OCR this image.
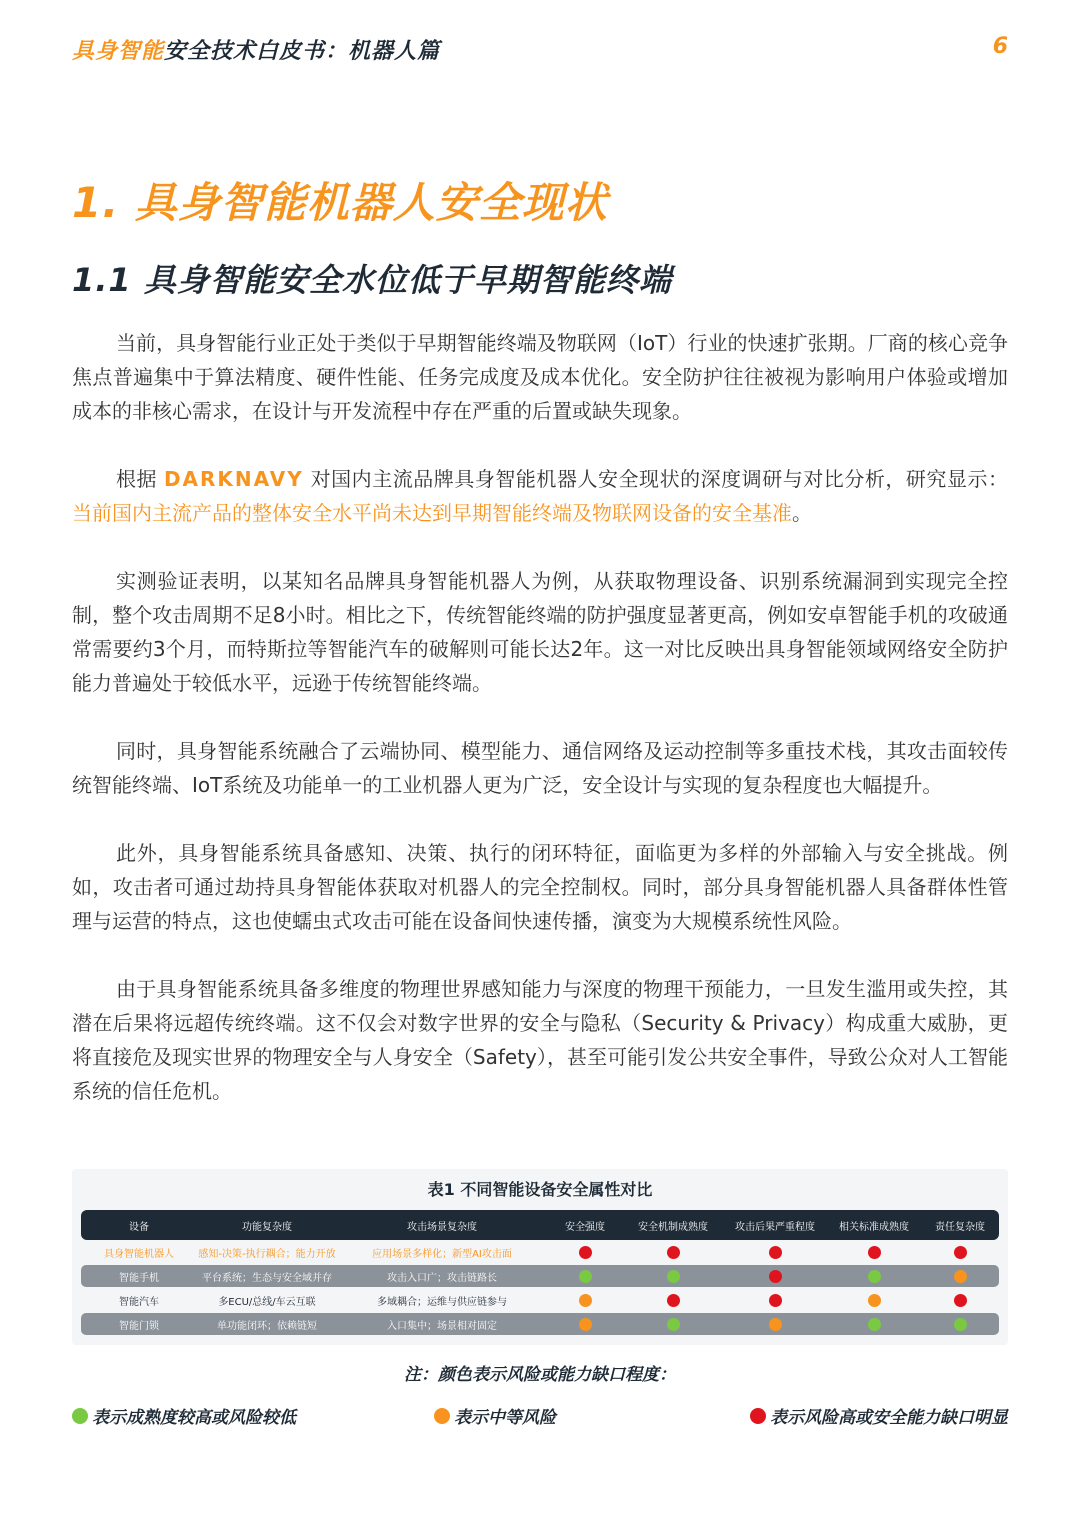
具身智能安全技术白皮书：机器人篇	6
1. 具身智能机器人安全现状
1.1 具身智能安全水位低于早期智能终端

当前，具身智能行业正处于类似于早期智能终端及物联网（IoT）行业的快速扩张期。厂商的核心竞争焦点普遍集中于算法精度、硬件性能、任务完成度及成本优化。安全防护往往被视为影响用户体验或增加成本的非核心需求，在设计与开发流程中存在严重的后置或缺失现象。

根据 DARKNAVY 对国内主流品牌具身智能机器人安全现状的深度调研与对比分析，研究显示：当前国内主流产品的整体安全水平尚未达到早期智能终端及物联网设备的安全基准。

实测验证表明，以某知名品牌具身智能机器人为例，从获取物理设备、识别系统漏洞到实现完全控制，整个攻击周期不足8小时。相比之下，传统智能终端的防护强度显著更高，例如安卓智能手机的攻破通常需要约3个月，而特斯拉等智能汽车的破解则可能长达2年。这一对比反映出具身智能领域网络安全防护能力普遍处于较低水平，远逊于传统智能终端。

同时，具身智能系统融合了云端协同、模型能力、通信网络及运动控制等多重技术栈，其攻击面较传统智能终端、IoT系统及功能单一的工业机器人更为广泛，安全设计与实现的复杂程度也大幅提升。

此外，具身智能系统具备感知、决策、执行的闭环特征，面临更为多样的外部输入与安全挑战。例如，攻击者可通过劫持具身智能体获取对机器人的完全控制权。同时，部分具身智能机器人具备群体性管理与运营的特点，这也使蠕虫式攻击可能在设备间快速传播，演变为大规模系统性风险。

由于具身智能系统具备多维度的物理世界感知能力与深度的物理干预能力，一旦发生滥用或失控，其潜在后果将远超传统终端。这不仅会对数字世界的安全与隐私（Security & Privacy）构成重大威胁，更将直接危及现实世界的物理安全与人身安全（Safety），甚至可能引发公共安全事件，导致公众对人工智能系统的信任危机。

表1 不同智能设备安全属性对比
设备	功能复杂度	攻击场景复杂度	安全强度	安全机制成熟度	攻击后果严重程度	相关标准成熟度	责任复杂度
具身智能机器人	感知-决策-执行耦合；能力开放	应用场景多样化；新型AI攻击面
智能手机	平台系统；生态与安全域并存	攻击入口广；攻击链路长
智能汽车	多ECU/总线/车云互联	多域耦合；运维与供应链参与
智能门锁	单功能闭环；依赖链短	入口集中；场景相对固定
注：颜色表示风险或能力缺口程度：
表示成熟度较高或风险较低	表示中等风险	表示风险高或安全能力缺口明显
